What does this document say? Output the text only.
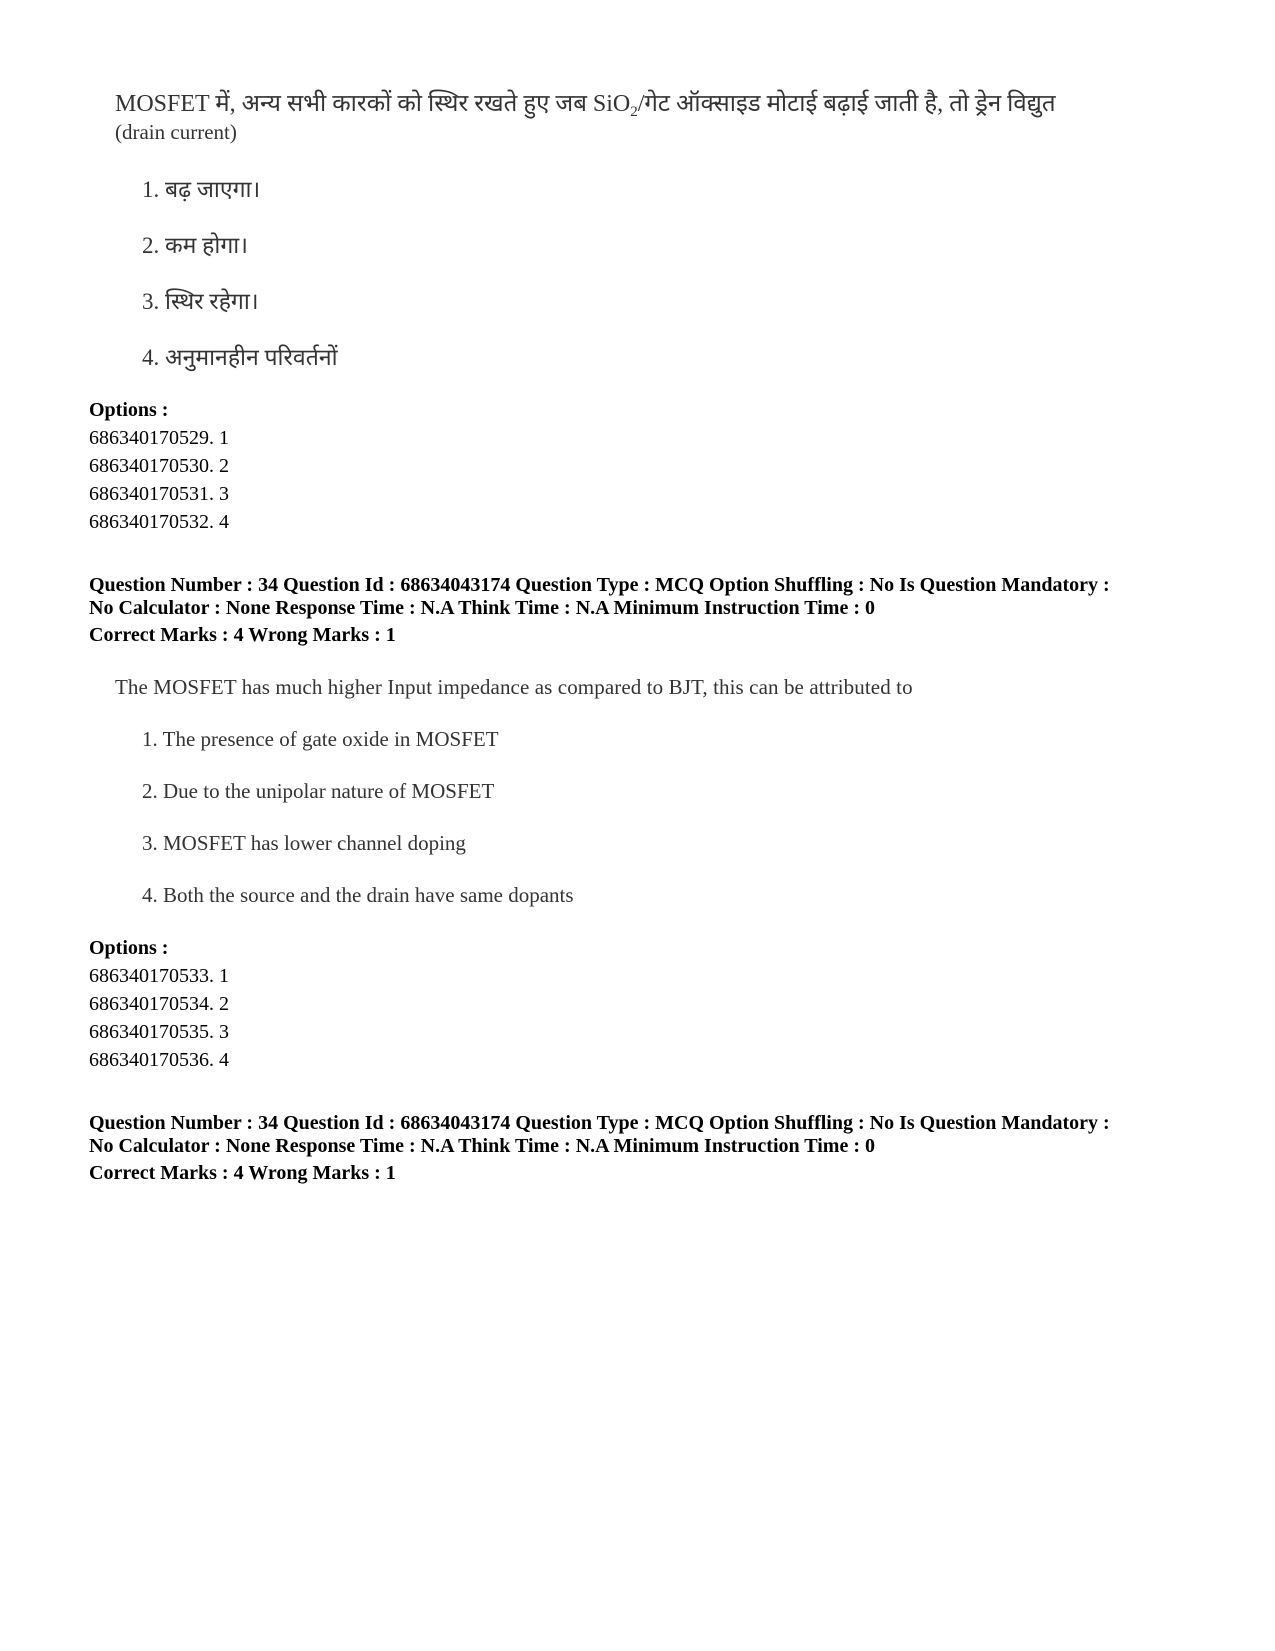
MOSFET में, अन्य सभी कारकों को स्थिर रखते हुए जब SiO$_2$/गेट ऑक्साइड मोटाई बढ़ाई जाती है, तो ड्रेन विद्युत
(drain current)
1. बढ़ जाएगा।
2. कम होगा।
3. स्थिर रहेगा।
4. अनुमानहीन परिवर्तनों
Options :
686340170529. 1
686340170530. 2
686340170531. 3
686340170532. 4
Question Number : 34 Question Id : 68634043174 Question Type : MCQ Option Shuffling : No Is Question Mandatory :
No Calculator : None Response Time : N.A Think Time : N.A Minimum Instruction Time : 0
Correct Marks : 4 Wrong Marks : 1
The MOSFET has much higher Input impedance as compared to BJT, this can be attributed to
1. The presence of gate oxide in MOSFET
2. Due to the unipolar nature of MOSFET
3. MOSFET has lower channel doping
4. Both the source and the drain have same dopants
Options :
686340170533. 1
686340170534. 2
686340170535. 3
686340170536. 4
Question Number : 34 Question Id : 68634043174 Question Type : MCQ Option Shuffling : No Is Question Mandatory :
No Calculator : None Response Time : N.A Think Time : N.A Minimum Instruction Time : 0
Correct Marks : 4 Wrong Marks : 1
